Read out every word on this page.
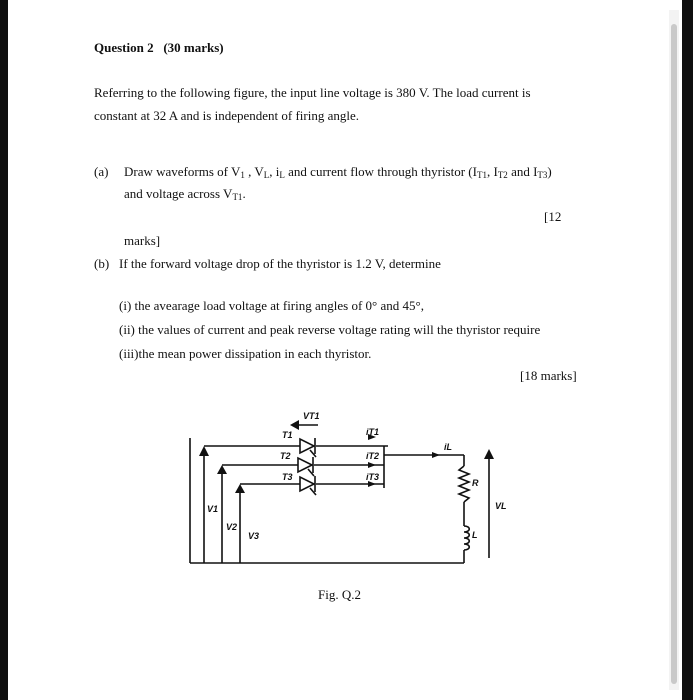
Question 2 (30 marks)
Referring to the following figure, the input line voltage is 380 V. The load current is
constant at 32 A and is independent of firing angle.
(a) Draw waveforms of $V_1$ , $V_L$, $i_L$ and current flow through thyristor ($I_{T1}$, $I_{T2}$ and $I_{T3}$)
and voltage across $V_{T1}$.
[12
marks]
(b) If the forward voltage drop of the thyristor is 1.2 V, determine
(i) the avearage load voltage at firing angles of 0° and 45°,
(ii) the values of current and peak reverse voltage rating will the thyristor require
(iii)the mean power dissipation in each thyristor.
[18 marks]
VT1
T1
T2
T3
iT1
iT2
iT3
iL
R
L
VL
V1
V2
V3
Fig. Q.2
